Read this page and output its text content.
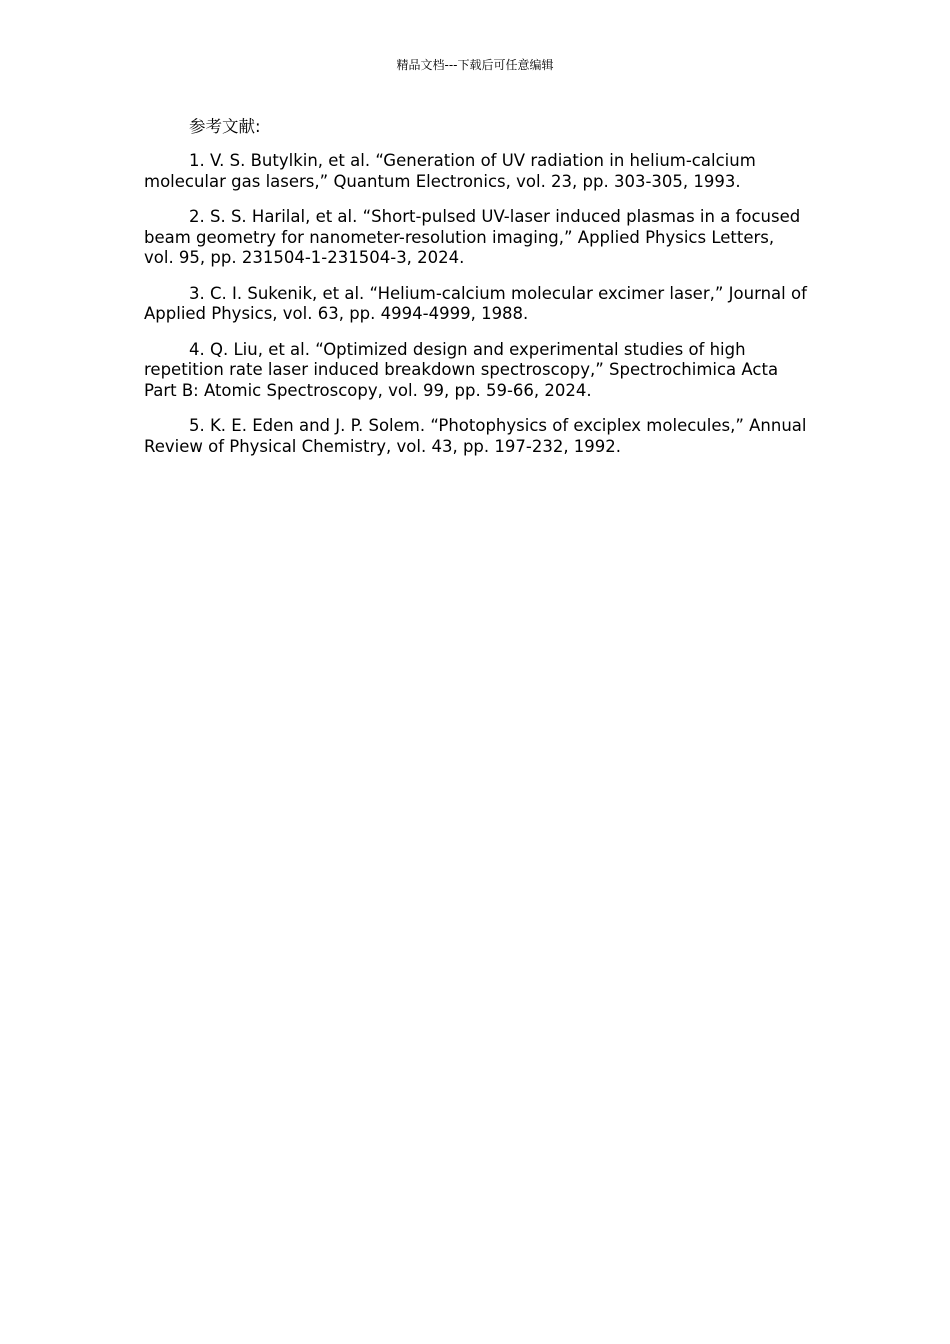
精品文档---下载后可任意编辑
参考文献:
1. V. S. Butylkin, et al. “Generation of UV radiation in helium-calcium molecular gas lasers,” Quantum Electronics, vol. 23, pp. 303-305, 1993.
2. S. S. Harilal, et al. “Short-pulsed UV-laser induced plasmas in a focused beam geometry for nanometer-resolution imaging,” Applied Physics Letters, vol. 95, pp. 231504-1-231504-3, 2024.
3. C. I. Sukenik, et al. “Helium-calcium molecular excimer laser,” Journal of Applied Physics, vol. 63, pp. 4994-4999, 1988.
4. Q. Liu, et al. “Optimized design and experimental studies of high repetition rate laser induced breakdown spectroscopy,” Spectrochimica Acta Part B: Atomic Spectroscopy, vol. 99, pp. 59-66, 2024.
5. K. E. Eden and J. P. Solem. “Photophysics of exciplex molecules,” Annual Review of Physical Chemistry, vol. 43, pp. 197-232, 1992.
